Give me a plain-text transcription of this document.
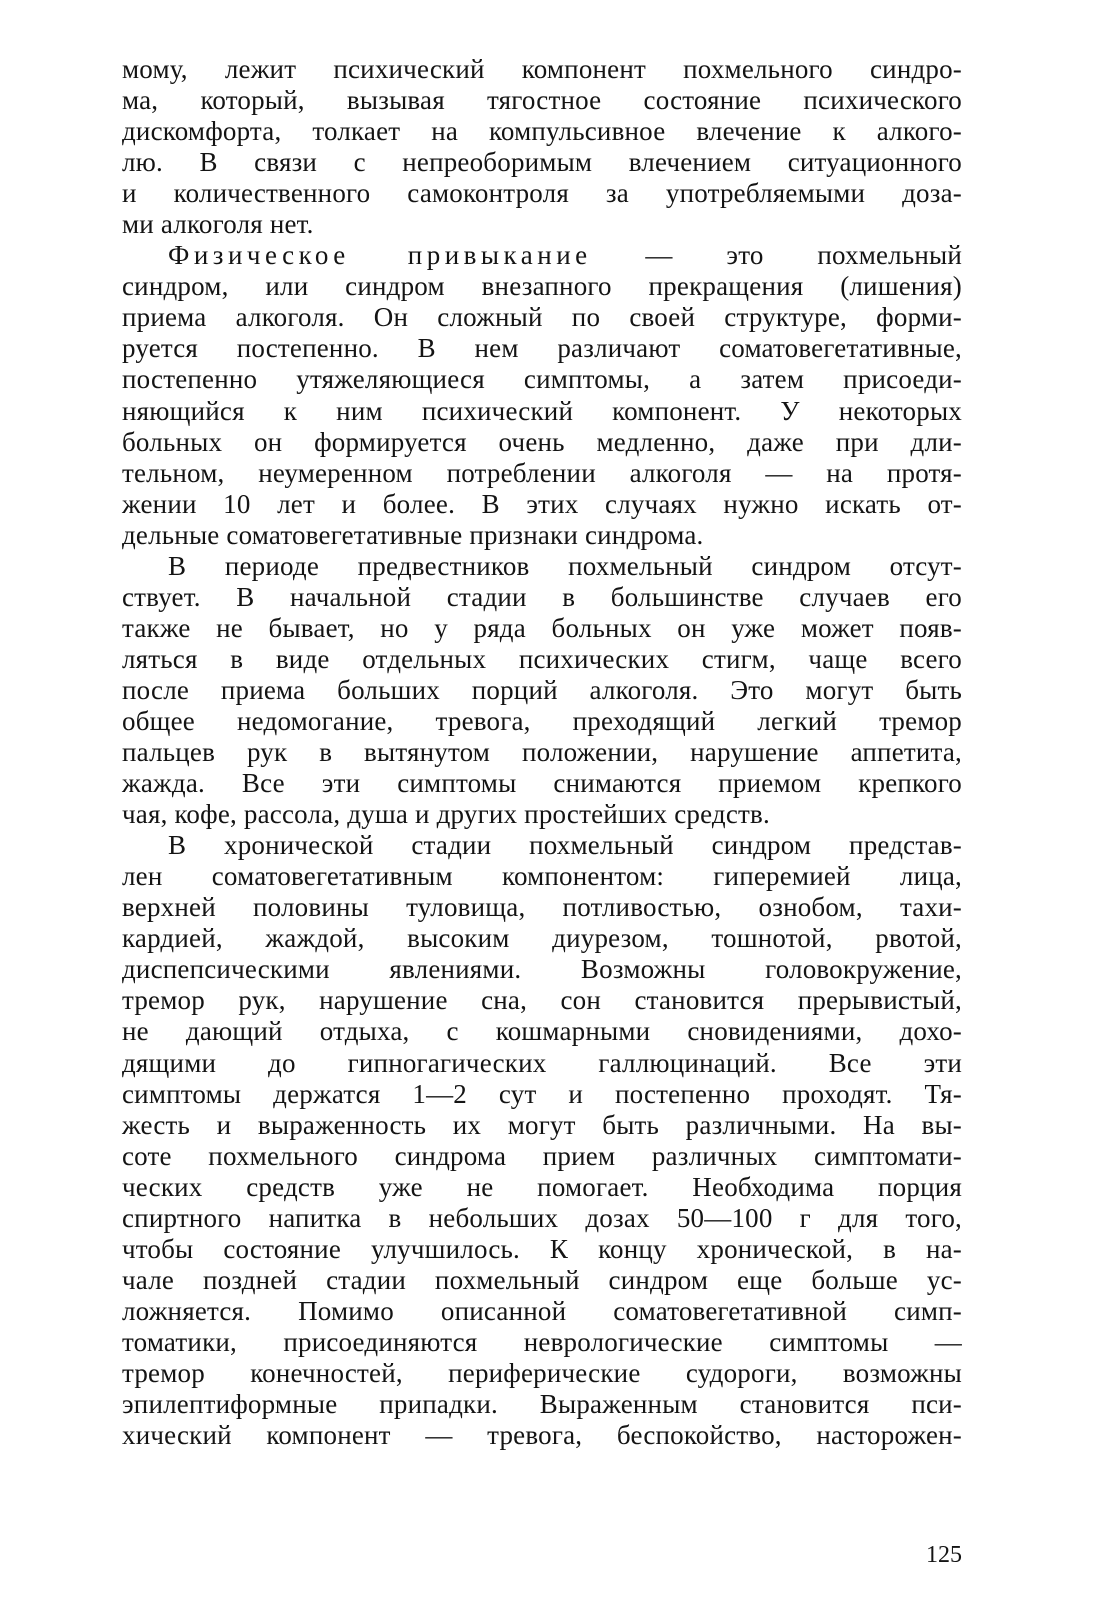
мому, лежит психический компонент похмельного синдро-
ма, который, вызывая тягостное состояние психического
дискомфорта, толкает на компульсивное влечение к алкого-
лю. В связи с непреоборимым влечением ситуационного
и количественного самоконтроля за употребляемыми доза-
ми алкоголя нет.
Физическое привыкание — это похмельный
синдром, или синдром внезапного прекращения (лишения)
приема алкоголя. Он сложный по своей структуре, форми-
руется постепенно. В нем различают соматовегетативные,
постепенно утяжеляющиеся симптомы, а затем присоеди-
няющийся к ним психический компонент. У некоторых
больных он формируется очень медленно, даже при дли-
тельном, неумеренном потреблении алкоголя — на протя-
жении 10 лет и более. В этих случаях нужно искать от-
дельные соматовегетативные признаки синдрома.
В периоде предвестников похмельный синдром отсут-
ствует. В начальной стадии в большинстве случаев его
также не бывает, но у ряда больных он уже может появ-
ляться в виде отдельных психических стигм, чаще всего
после приема больших порций алкоголя. Это могут быть
общее недомогание, тревога, преходящий легкий тремор
пальцев рук в вытянутом положении, нарушение аппетита,
жажда. Все эти симптомы снимаются приемом крепкого
чая, кофе, рассола, душа и других простейших средств.
В хронической стадии похмельный синдром представ-
лен соматовегетативным компонентом: гиперемией лица,
верхней половины туловища, потливостью, ознобом, тахи-
кардией, жаждой, высоким диурезом, тошнотой, рвотой,
диспепсическими явлениями. Возможны головокружение,
тремор рук, нарушение сна, сон становится прерывистый,
не дающий отдыха, с кошмарными сновидениями, дохо-
дящими до гипногагических галлюцинаций. Все эти
симптомы держатся 1—2 сут и постепенно проходят. Тя-
жесть и выраженность их могут быть различными. На вы-
соте похмельного синдрома прием различных симптомати-
ческих средств уже не помогает. Необходима порция
спиртного напитка в небольших дозах 50—100 г для того,
чтобы состояние улучшилось. К концу хронической, в на-
чале поздней стадии похмельный синдром еще больше ус-
ложняется. Помимо описанной соматовегетативной симп-
томатики, присоединяются неврологические симптомы —
тремор конечностей, периферические судороги, возможны
эпилептиформные припадки. Выраженным становится пси-
хический компонент — тревога, беспокойство, насторожен-
125
